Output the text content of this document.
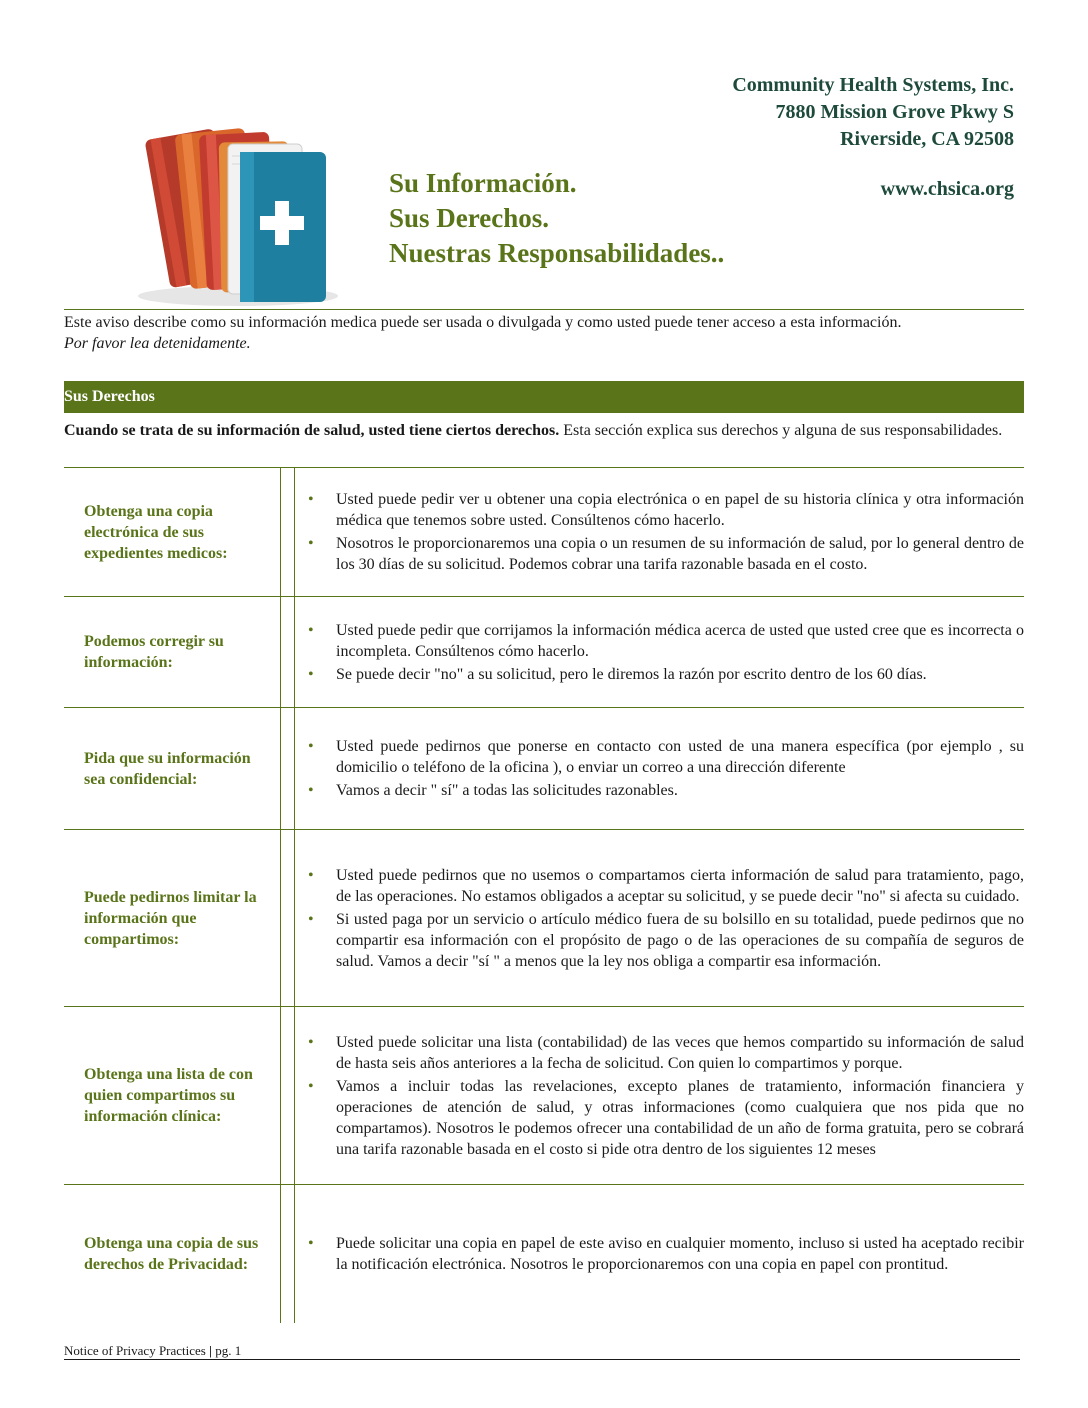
Community Health Systems, Inc.
7880 Mission Grove Pkwy S
Riverside, CA 92508
www.chsica.org
Su Información.
Sus Derechos.
Nuestras Responsabilidades..
Este aviso describe como su información medica puede ser usada o divulgada y como usted puede tener acceso a esta información.
Por favor lea detenidamente.
Sus Derechos
Cuando se trata de su información de salud, usted tiene ciertos derechos. Esta sección explica sus derechos y alguna de sus responsabilidades.
Obtenga una copia electrónica de sus expedientes medicos:
• Usted puede pedir ver u obtener una copia electrónica o en papel de su historia clínica y otra información médica que tenemos sobre usted. Consúltenos cómo hacerlo.
• Nosotros le proporcionaremos una copia o un resumen de su información de salud, por lo general dentro de los 30 días de su solicitud. Podemos cobrar una tarifa razonable basada en el costo.
Podemos corregir su información:
• Usted puede pedir que corrijamos la información médica acerca de usted que usted cree que es incorrecta o incompleta. Consúltenos cómo hacerlo.
• Se puede decir "no" a su solicitud, pero le diremos la razón por escrito dentro de los 60 días.
Pida que su información sea confidencial:
• Usted puede pedirnos que ponerse en contacto con usted de una manera específica (por ejemplo , su domicilio o teléfono de la oficina ), o enviar un correo a una dirección diferente
• Vamos a decir " sí" a todas las solicitudes razonables.
Puede pedirnos limitar la información que compartimos:
• Usted puede pedirnos que no usemos o compartamos cierta información de salud para tratamiento, pago, de las operaciones. No estamos obligados a aceptar su solicitud, y se puede decir "no" si afecta su cuidado.
• Si usted paga por un servicio o artículo médico fuera de su bolsillo en su totalidad, puede pedirnos que no compartir esa información con el propósito de pago o de las operaciones de su compañía de seguros de salud. Vamos a decir "sí " a menos que la ley nos obliga a compartir esa información.
Obtenga una lista de con quien compartimos su información clínica:
• Usted puede solicitar una lista (contabilidad) de las veces que hemos compartido su información de salud de hasta seis años anteriores a la fecha de solicitud. Con quien lo compartimos y porque.
• Vamos a incluir todas las revelaciones, excepto planes de tratamiento, información financiera y operaciones de atención de salud, y otras informaciones (como cualquiera que nos pida que no compartamos). Nosotros le podemos ofrecer una contabilidad de un año de forma gratuita, pero se cobrará una tarifa razonable basada en el costo si pide otra dentro de los siguientes 12 meses
Obtenga una copia de sus derechos de Privacidad:
• Puede solicitar una copia en papel de este aviso en cualquier momento, incluso si usted ha aceptado recibir la notificación electrónica. Nosotros le proporcionaremos con una copia en papel con prontitud.
Notice of Privacy Practices | pg. 1
